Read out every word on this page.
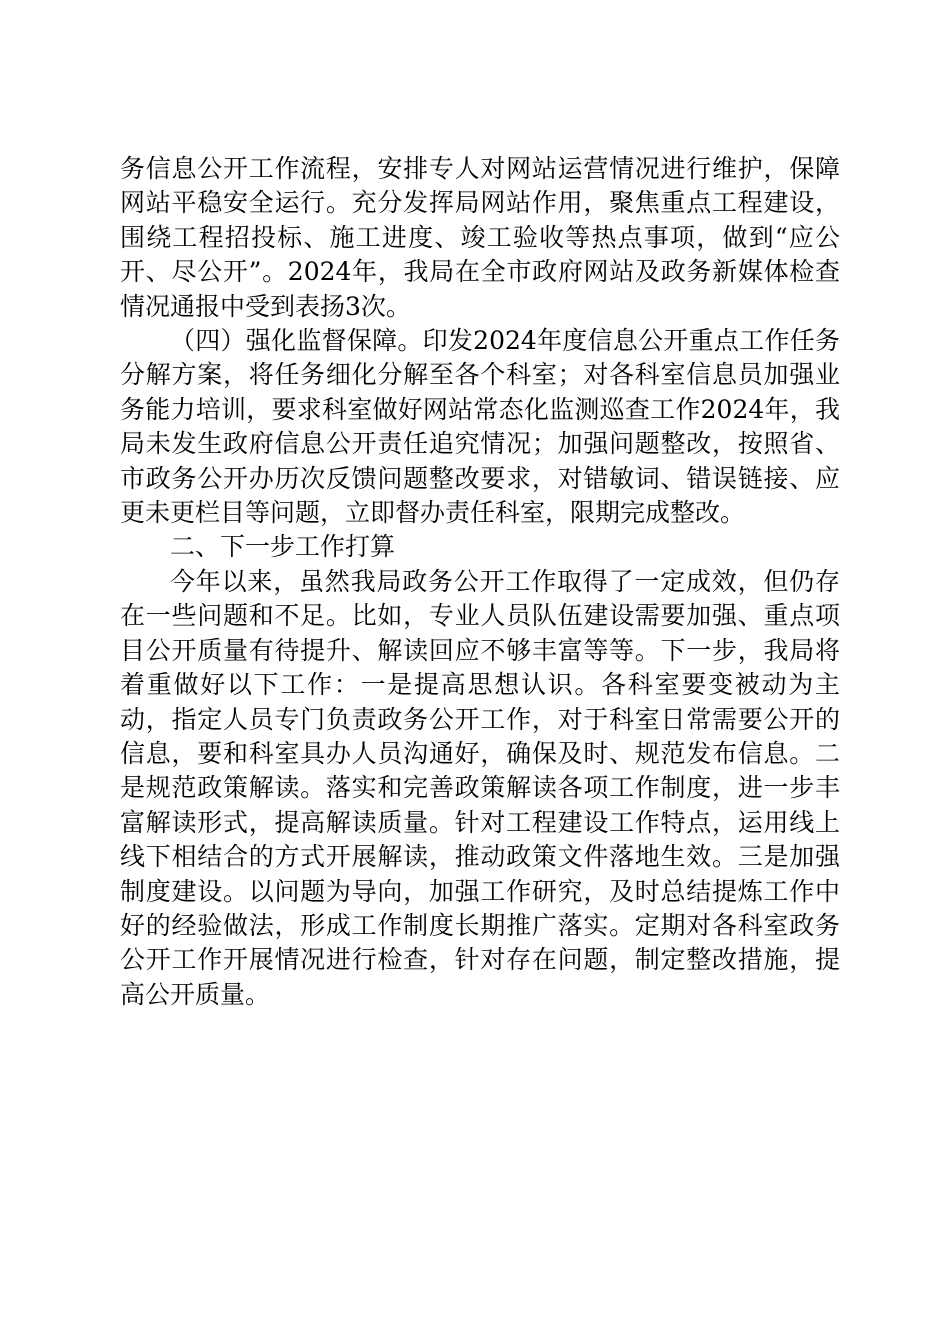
务信息公开工作流程，安排专人对网站运营情况进行维护，保障网站平稳安全运行。充分发挥局网站作用，聚焦重点工程建设，围绕工程招投标、施工进度、竣工验收等热点事项，做到“应公开、尽公开”。2024年，我局在全市政府网站及政务新媒体检查情况通报中受到表扬3次。

（四）强化监督保障。印发2024年度信息公开重点工作任务分解方案，将任务细化分解至各个科室；对各科室信息员加强业务能力培训，要求科室做好网站常态化监测巡查工作2024年，我局未发生政府信息公开责任追究情况；加强问题整改，按照省、市政务公开办历次反馈问题整改要求，对错敏词、错误链接、应更未更栏目等问题，立即督办责任科室，限期完成整改。

二、下一步工作打算

今年以来，虽然我局政务公开工作取得了一定成效，但仍存在一些问题和不足。比如，专业人员队伍建设需要加强、重点项目公开质量有待提升、解读回应不够丰富等等。下一步，我局将着重做好以下工作：一是提高思想认识。各科室要变被动为主动，指定人员专门负责政务公开工作，对于科室日常需要公开的信息，要和科室具办人员沟通好，确保及时、规范发布信息。二是规范政策解读。落实和完善政策解读各项工作制度，进一步丰富解读形式，提高解读质量。针对工程建设工作特点，运用线上线下相结合的方式开展解读，推动政策文件落地生效。三是加强制度建设。以问题为导向，加强工作研究，及时总结提炼工作中好的经验做法，形成工作制度长期推广落实。定期对各科室政务公开工作开展情况进行检查，针对存在问题，制定整改措施，提高公开质量。
